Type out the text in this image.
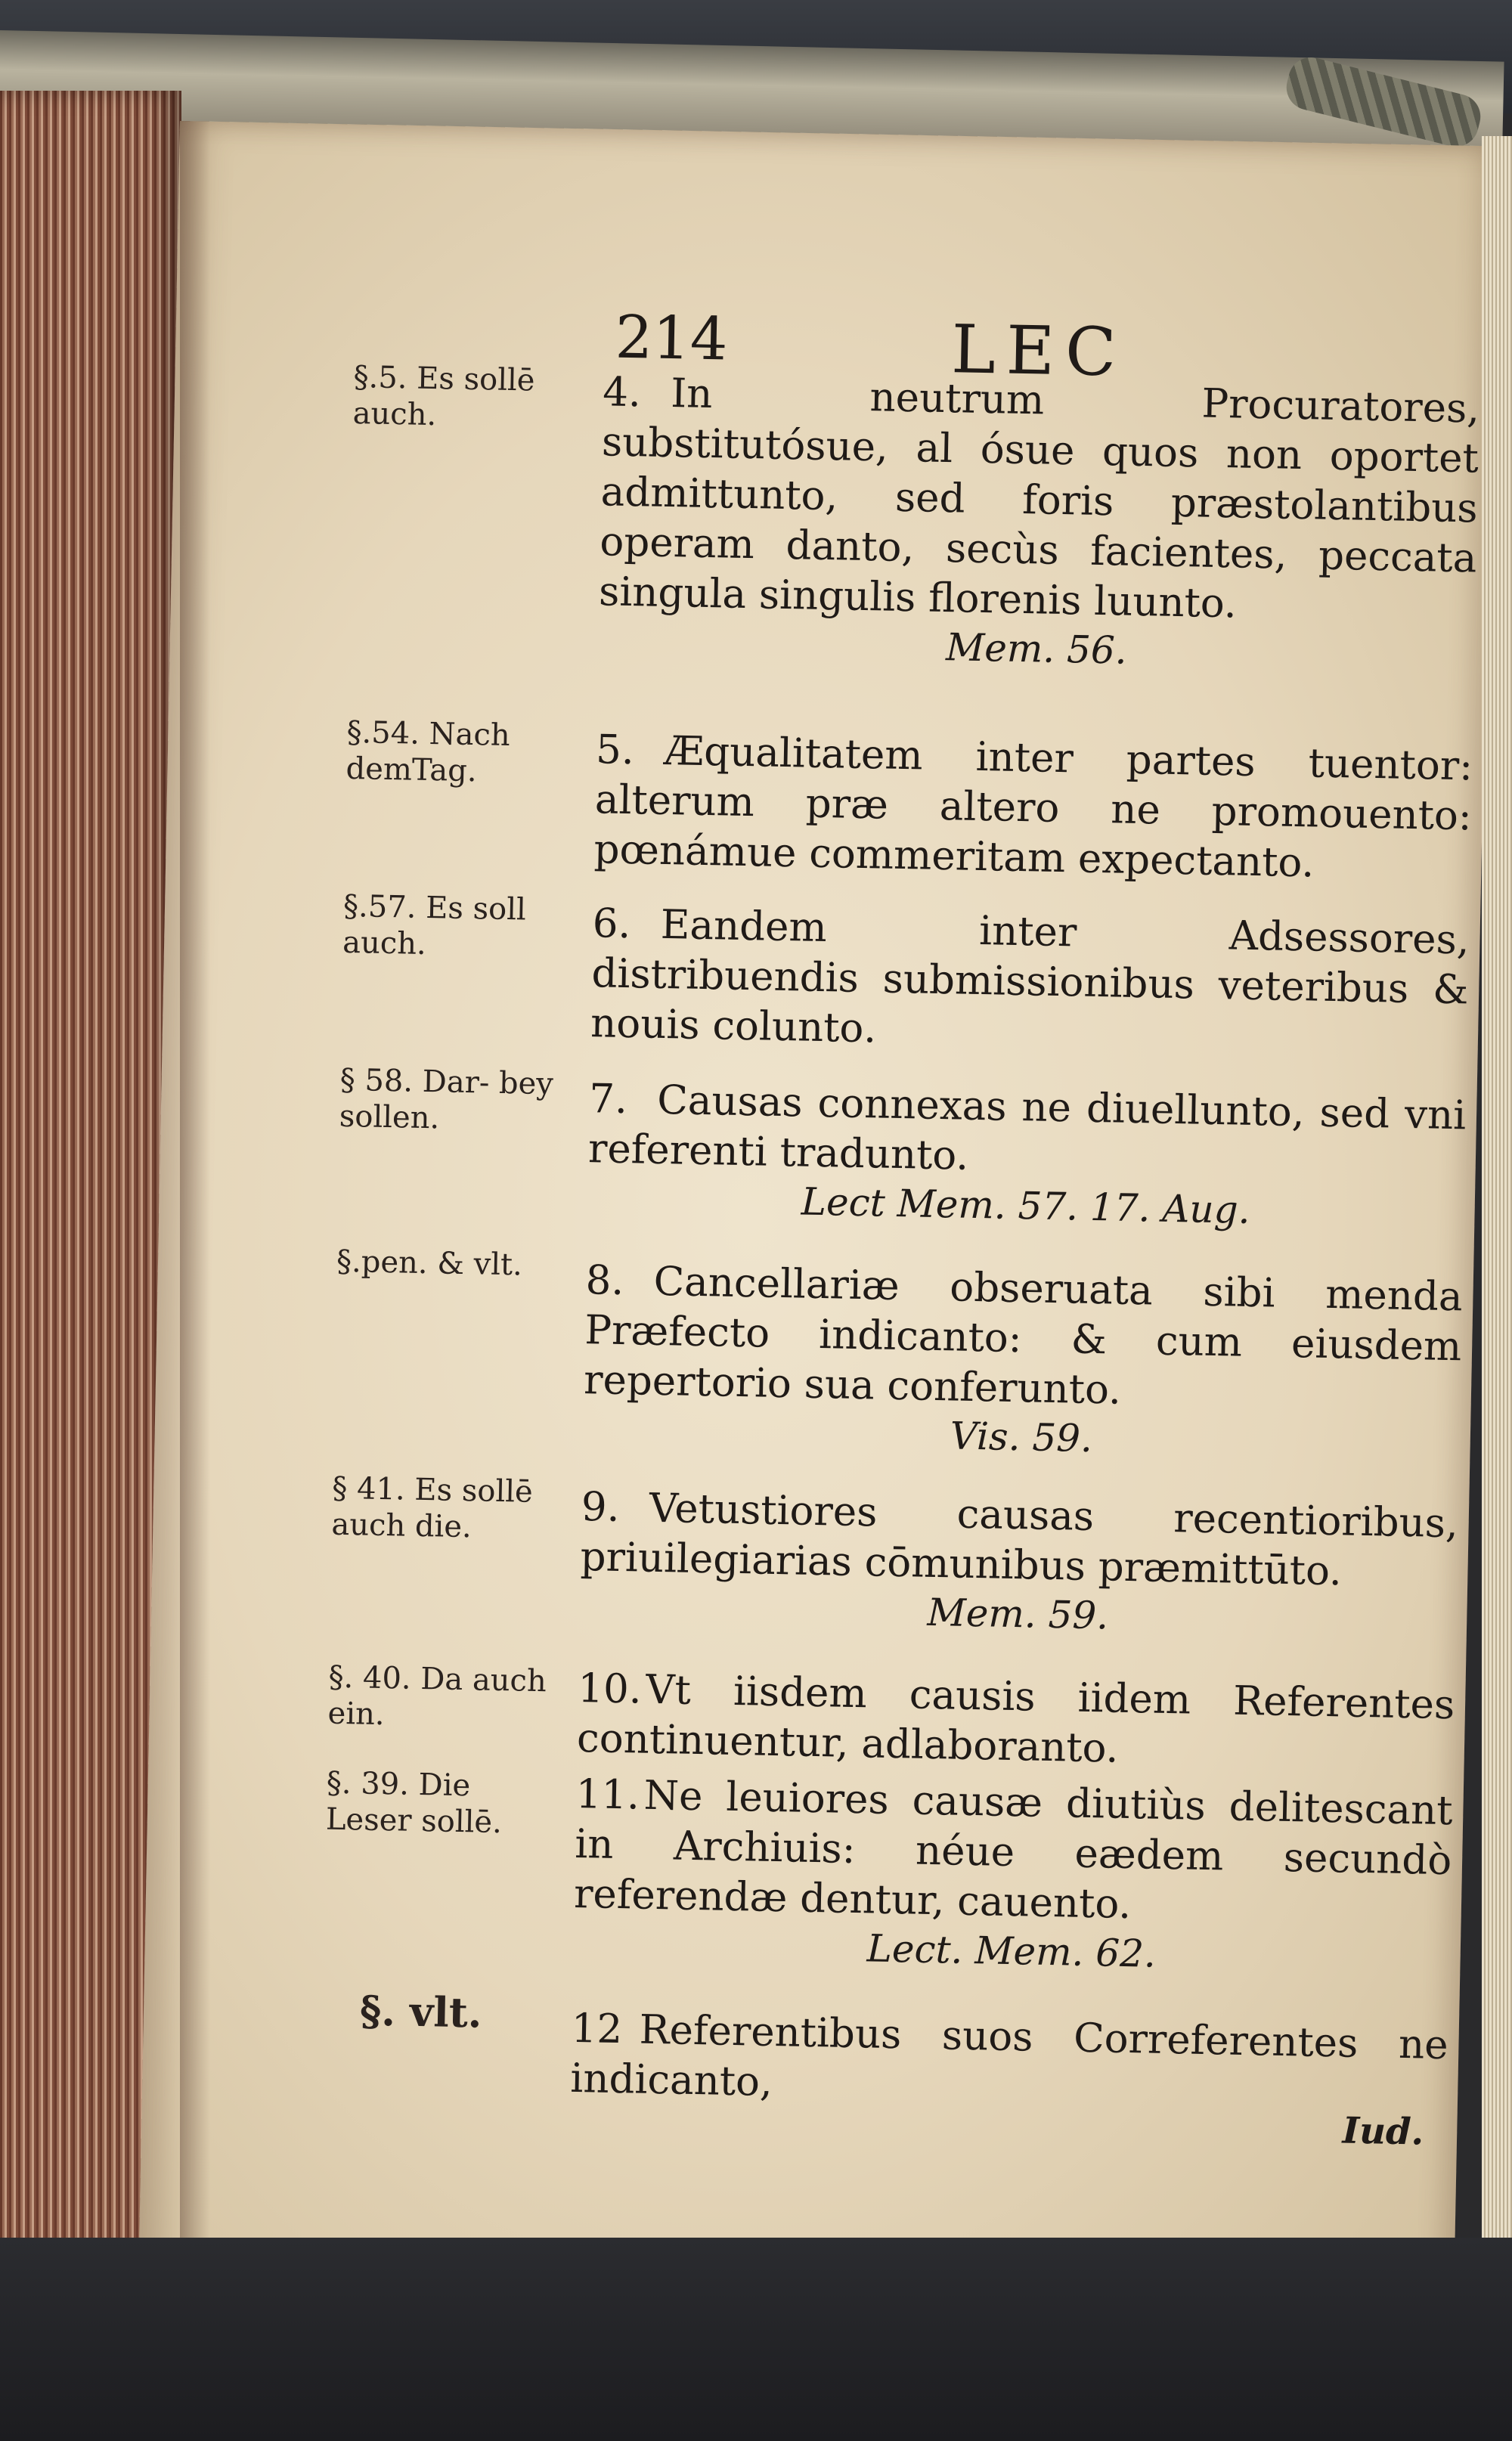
214	LEC
§.5. Es sollē auch.
§.54. Nach demTag.
§.57. Es soll auch.
§ 58. Dar- bey sollen.
§.pen. & vlt.
§ 41. Es sollē auch die.
§. 40. Da auch ein.
§. 39. Die Leser sollē.
§. vlt.
4. In neutrum Procuratores, substitutósue, al ósue quos non oportet admittunto, sed foris præstolantibus operam danto, secùs facientes, peccata singula singulis florenis luunto.
Mem. 56.
5. Æqualitatem inter partes tuentor: alterum præ altero ne promouento: pœnámue commeritam expectanto.
6. Eandem inter Adsessores, distribuendis submissionibus veteribus & nouis coluntο.
7. Causas connexas ne diuellunto, sed vni referenti tradunto.
Lect Mem. 57. 17. Aug.
8. Cancellariæ obseruata sibi menda Præfecto indicanto: & cum eiusdem repertorio sua conferunto.
Vis. 59.
9. Vetustiores causas recentioribus, priuilegiarias cōmunibus præmittūto.
Mem. 59.
10.Vt iisdem causis iidem Referentes continuentur, adlaboranto.
11.Ne leuiores causæ diutiùs delitescant in Archiuis: néue eædem secundò referendæ dentur, cauento.
Lect. Mem. 62.
12 Referentibus suos Correferentes ne indicanto,
Iud.
